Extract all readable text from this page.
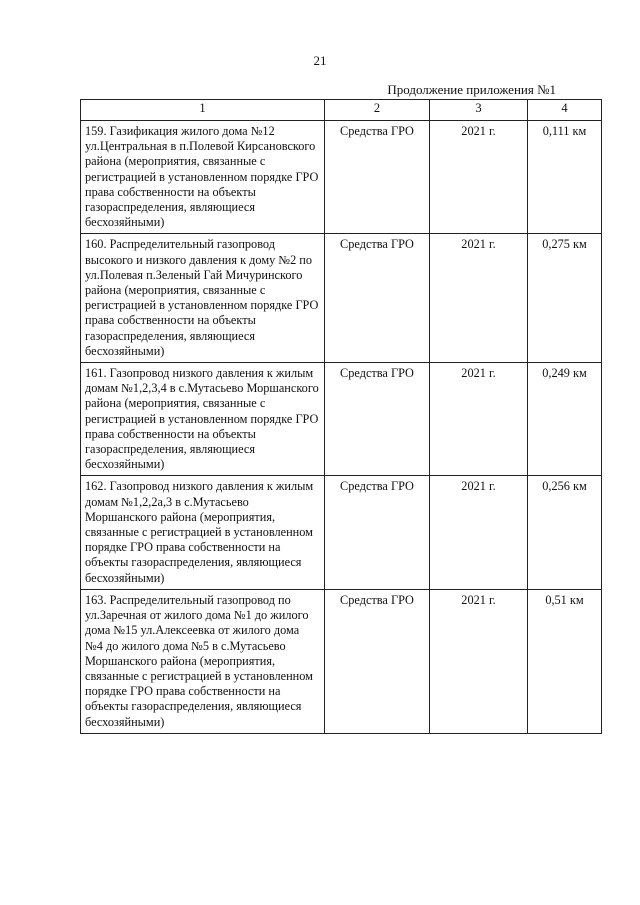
21
Продолжение приложения №1
1	2	3	4
159. Газификация жилого дома №12 ул.Центральная в п.Полевой Кирсановского района (мероприятия, связанные с регистрацией в установленном порядке ГРО права собственности на объекты газораспределения, являющиеся бесхозяйными)	Средства ГРО	2021 г.	0,111 км
160. Распределительный газопровод высокого и низкого давления к дому №2 по ул.Полевая п.Зеленый Гай Мичуринского района (мероприятия, связанные с регистрацией в установленном порядке ГРО права собственности на объекты газораспределения, являющиеся бесхозяйными)	Средства ГРО	2021 г.	0,275 км
161. Газопровод низкого давления к жилым домам №1,2,3,4 в с.Мутасьево Моршанского района (мероприятия, связанные с регистрацией в установленном порядке ГРО права собственности на объекты газораспределения, являющиеся бесхозяйными)	Средства ГРО	2021 г.	0,249 км
162. Газопровод низкого давления к жилым домам №1,2,2а,3 в с.Мутасьево Моршанского района (мероприятия, связанные с регистрацией в установленном порядке ГРО права собственности на объекты газораспределения, являющиеся бесхозяйными)	Средства ГРО	2021 г.	0,256 км
163. Распределительный газопровод по ул.Заречная от жилого дома №1 до жилого дома №15 ул.Алексеевка от жилого дома №4 до жилого дома №5 в с.Мутасьево Моршанского района (мероприятия, связанные с регистрацией в установленном порядке ГРО права собственности на объекты газораспределения, являющиеся бесхозяйными)	Средства ГРО	2021 г.	0,51 км
